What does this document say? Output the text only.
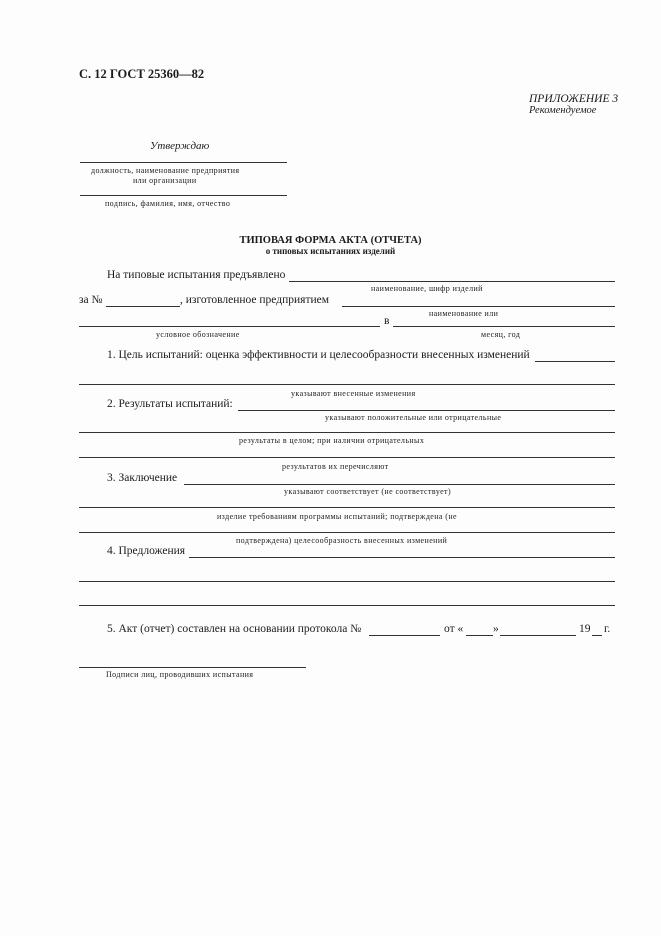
С. 12 ГОСТ 25360—82
ПРИЛОЖЕНИЕ 3
Рекомендуемое
Утверждаю
должность, наименование предприятия
или организации
подпись, фамилия, имя, отчество
ТИПОВАЯ ФОРМА АКТА (ОТЧЕТА)
о типовых испытаниях изделий
На типовые испытания предъявлено
наименование, шифр изделий
за №	, изготовленное предприятием
наименование или
в
условное обозначение	месяц, год
1. Цель испытаний: оценка эффективности и целесообразности внесенных изменений
указывают внесенные изменения
2. Результаты испытаний:
указывают положительные или отрицательные
результаты в целом; при наличии отрицательных
результатов их перечисляют
3. Заключение
указывают соответствует (не соответствует)
изделие требованиям программы испытаний; подтверждена (не
подтверждена) целесообразность внесенных изменений
4. Предложения
5. Акт (отчет) составлен на основании протокола №	от «	»	19 г.
Подписи лиц, проводивших испытания
